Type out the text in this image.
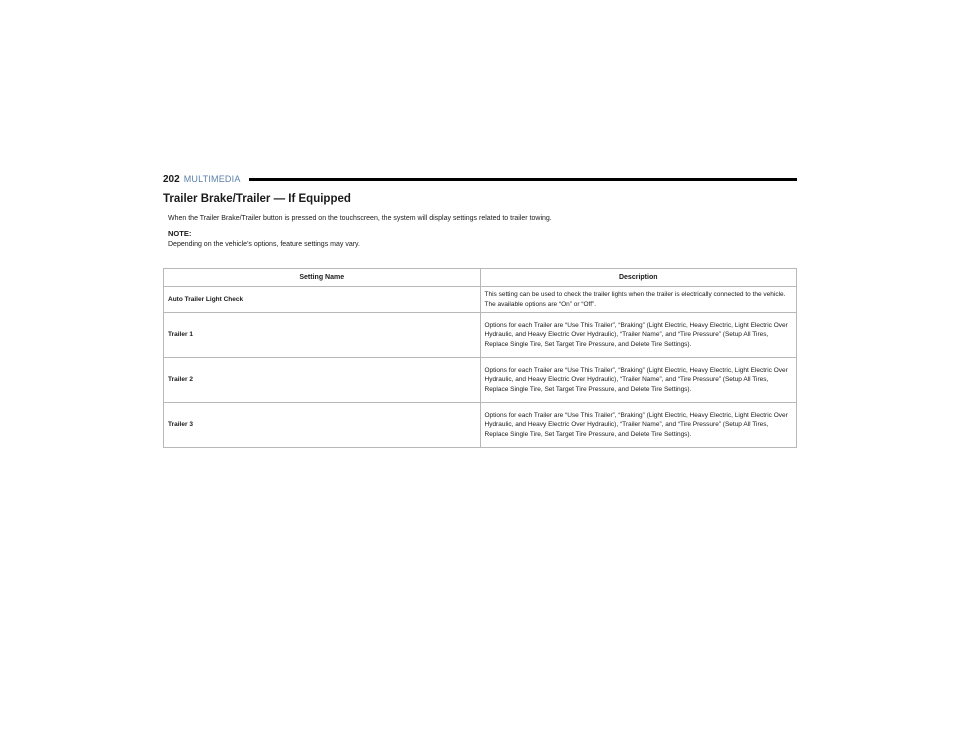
202 MULTIMEDIA
Trailer Brake/Trailer — If Equipped

When the Trailer Brake/Trailer button is pressed on the touchscreen, the system will display settings related to trailer towing.

NOTE:

Depending on the vehicle’s options, feature settings may vary.

Setting Name	Description
Auto Trailer Light Check	This setting can be used to check the trailer lights when the trailer is electrically connected to the vehicle. The available options are “On” or “Off”.
Trailer 1	Options for each Trailer are “Use This Trailer”, “Braking” (Light Electric, Heavy Electric, Light Electric Over Hydraulic, and Heavy Electric Over Hydraulic), “Trailer Name”, and “Tire Pressure” (Setup All Tires, Replace Single Tire, Set Target Tire Pressure, and Delete Tire Settings).
Trailer 2	Options for each Trailer are “Use This Trailer”, “Braking” (Light Electric, Heavy Electric, Light Electric Over Hydraulic, and Heavy Electric Over Hydraulic), “Trailer Name”, and “Tire Pressure” (Setup All Tires, Replace Single Tire, Set Target Tire Pressure, and Delete Tire Settings).
Trailer 3	Options for each Trailer are “Use This Trailer”, “Braking” (Light Electric, Heavy Electric, Light Electric Over Hydraulic, and Heavy Electric Over Hydraulic), “Trailer Name”, and “Tire Pressure” (Setup All Tires, Replace Single Tire, Set Target Tire Pressure, and Delete Tire Settings).
